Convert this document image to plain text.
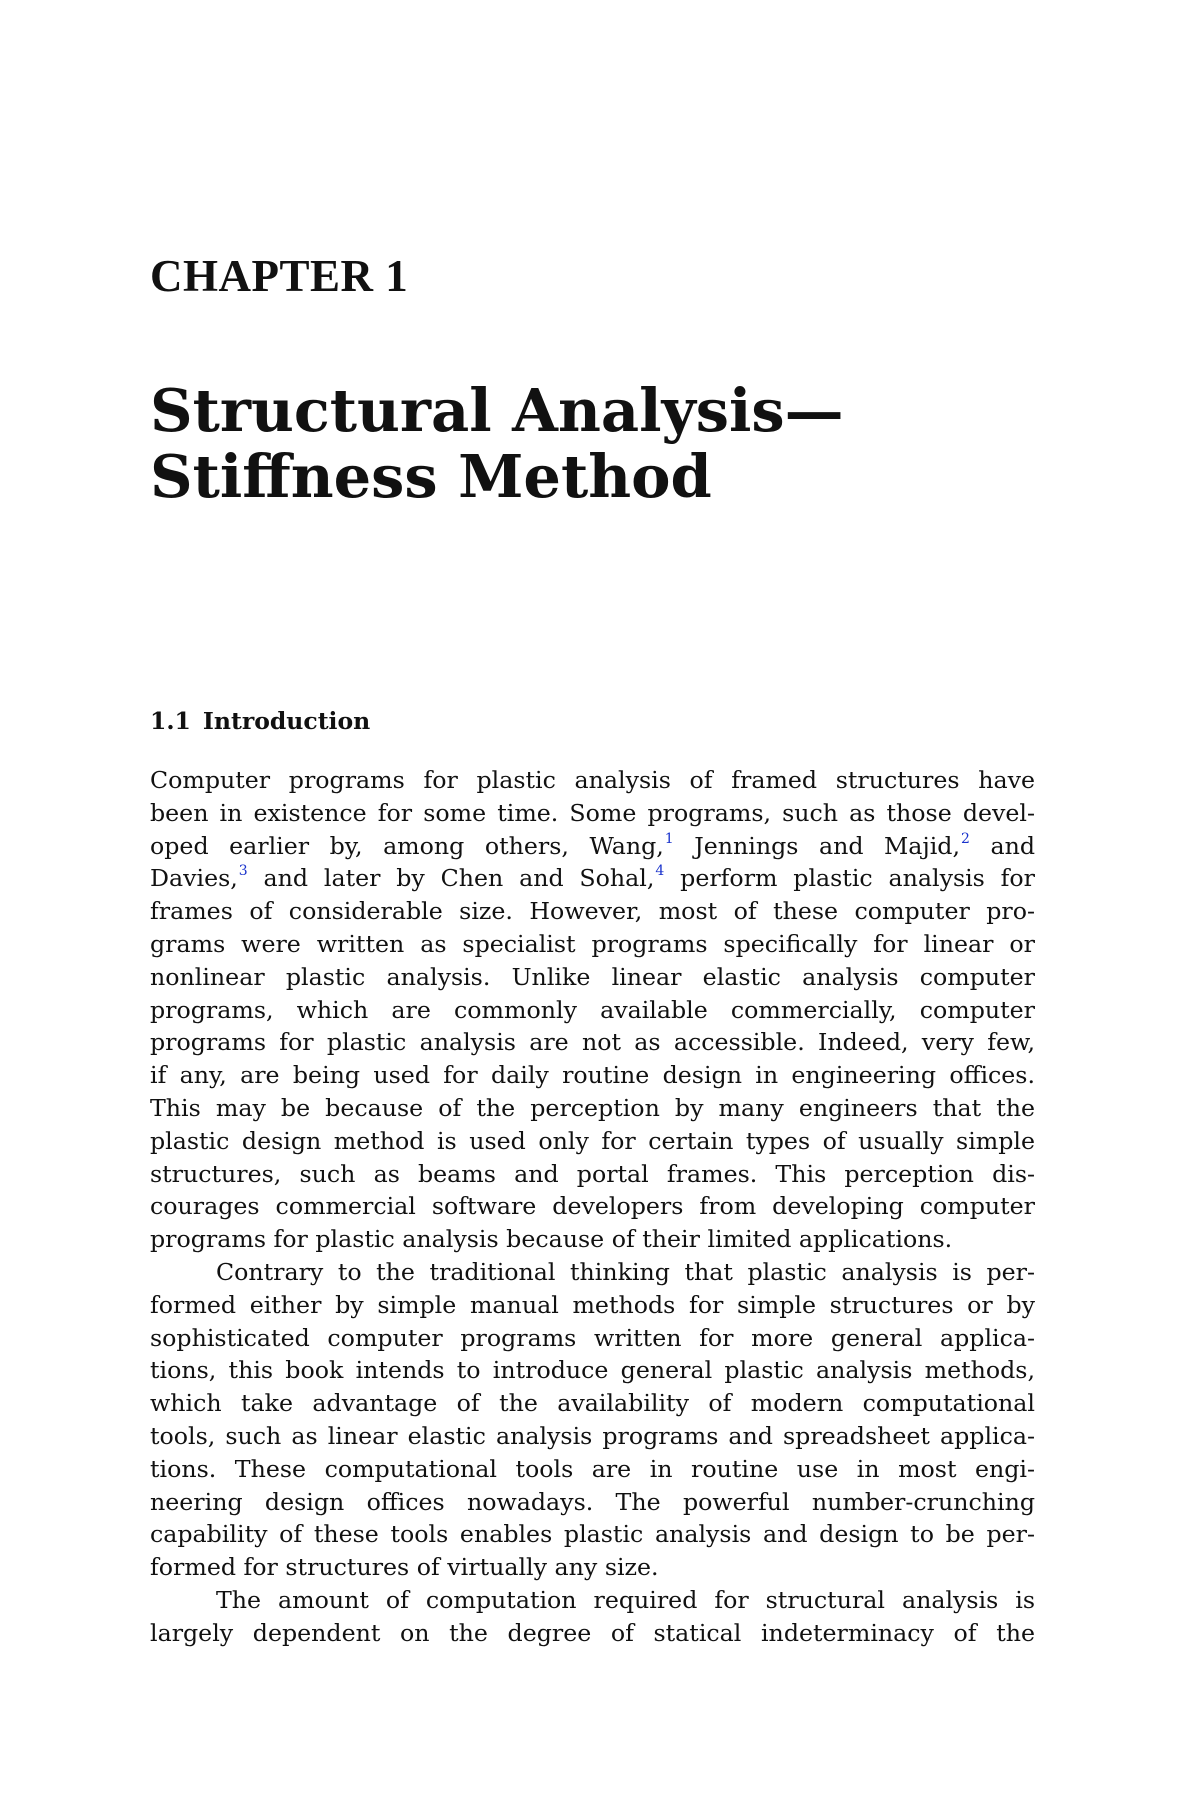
CHAPTER 1
Structural Analysis—
Stiffness Method
1.1 Introduction
Computer programs for plastic analysis of framed structures have
been in existence for some time. Some programs, such as those devel-
oped earlier by, among others, Wang,$^1$ Jennings and Majid,$^2$ and
Davies,$^3$ and later by Chen and Sohal,$^4$ perform plastic analysis for
frames of considerable size. However, most of these computer pro-
grams were written as specialist programs specifically for linear or
nonlinear plastic analysis. Unlike linear elastic analysis computer
programs, which are commonly available commercially, computer
programs for plastic analysis are not as accessible. Indeed, very few,
if any, are being used for daily routine design in engineering offices.
This may be because of the perception by many engineers that the
plastic design method is used only for certain types of usually simple
structures, such as beams and portal frames. This perception dis-
courages commercial software developers from developing computer
programs for plastic analysis because of their limited applications.
Contrary to the traditional thinking that plastic analysis is per-
formed either by simple manual methods for simple structures or by
sophisticated computer programs written for more general applica-
tions, this book intends to introduce general plastic analysis methods,
which take advantage of the availability of modern computational
tools, such as linear elastic analysis programs and spreadsheet applica-
tions. These computational tools are in routine use in most engi-
neering design offices nowadays. The powerful number-crunching
capability of these tools enables plastic analysis and design to be per-
formed for structures of virtually any size.
The amount of computation required for structural analysis is
largely dependent on the degree of statical indeterminacy of the
